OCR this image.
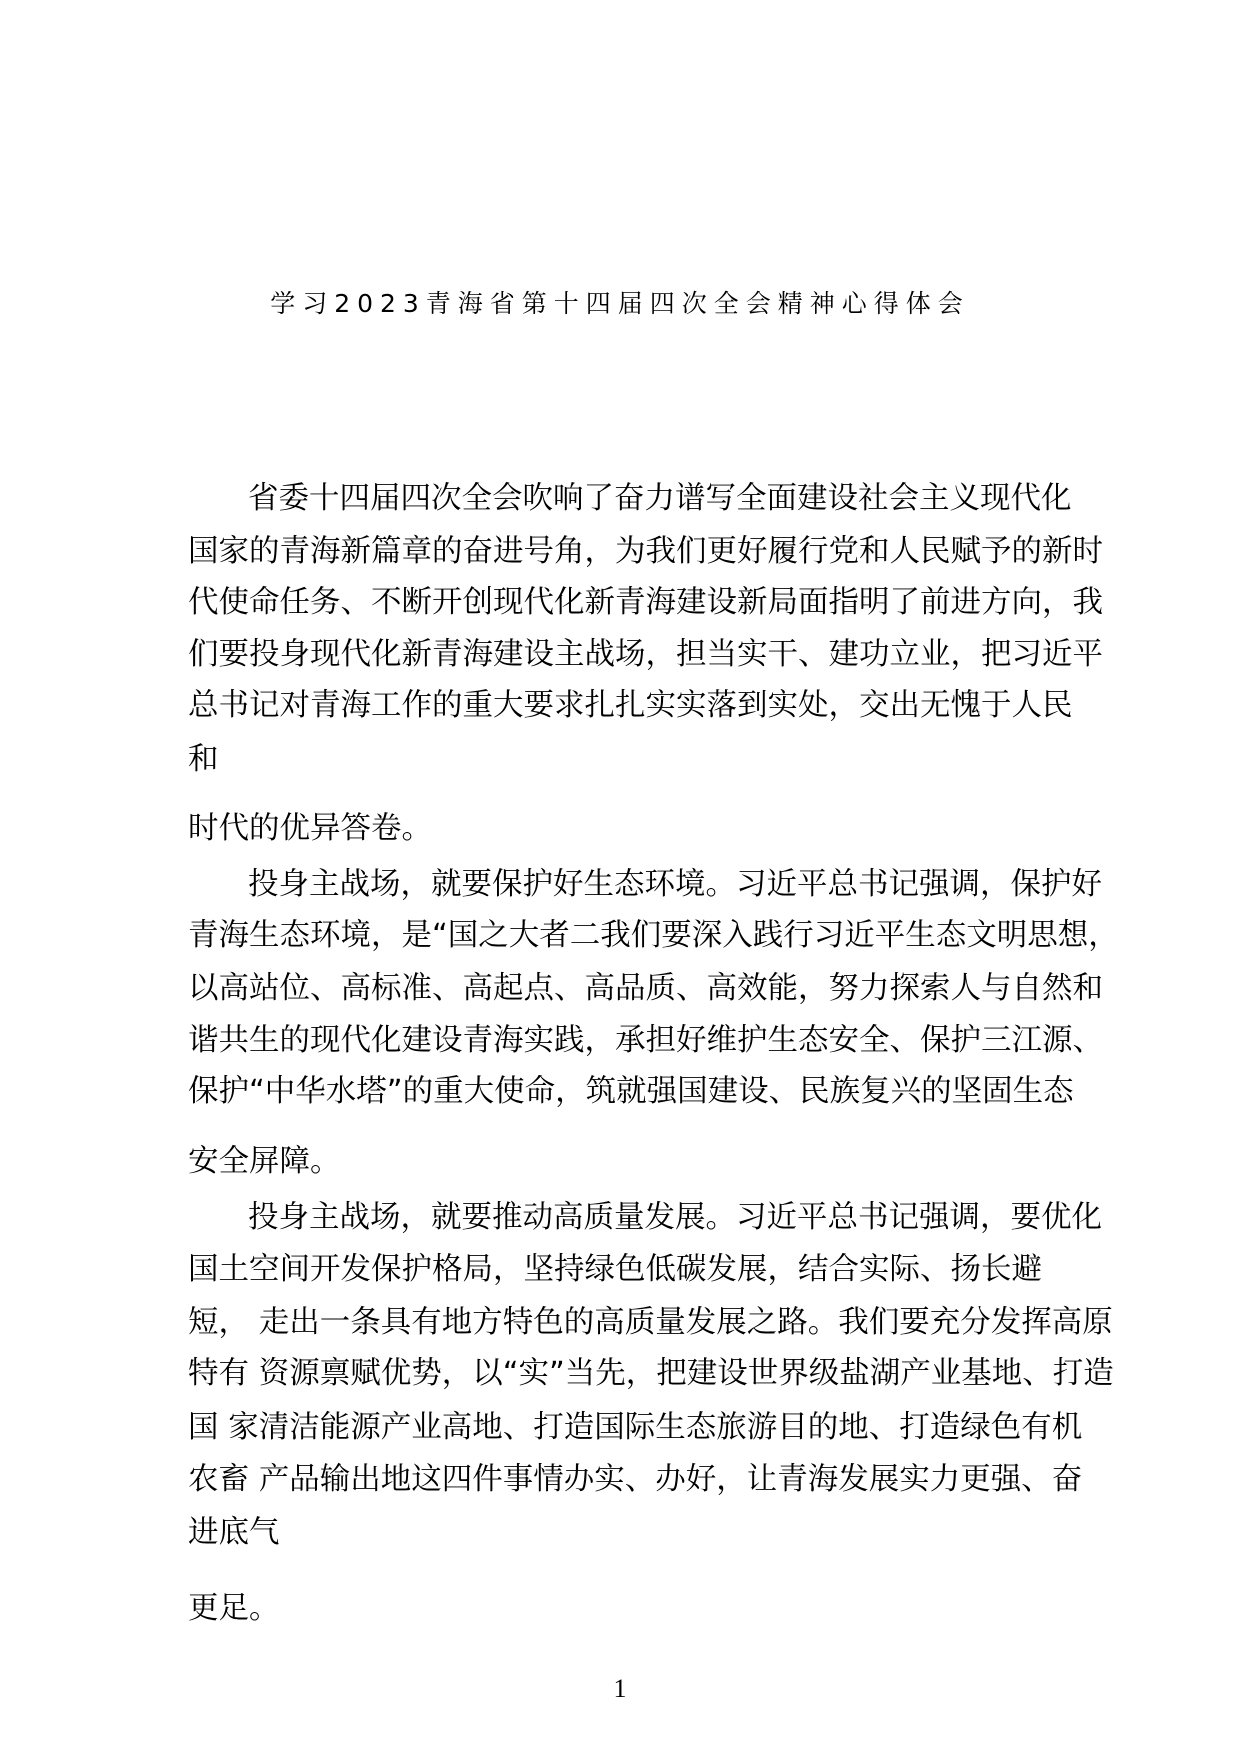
学习2023青海省第十四届四次全会精神心得体会
省委十四届四次全会吹响了奋力谱写全面建设社会主义现代化
国家的青海新篇章的奋进号角，为我们更好履行党和人民赋予的新时
代使命任务、不断开创现代化新青海建设新局面指明了前进方向，我
们要投身现代化新青海建设主战场，担当实干、建功立业，把习近平
总书记对青海工作的重大要求扎扎实实落到实处，交出无愧于人民
和
时代的优异答卷。
投身主战场，就要保护好生态环境。习近平总书记强调，保护好
青海生态环境，是“国之大者二我们要深入践行习近平生态文明思想，
以高站位、高标准、高起点、高品质、高效能，努力探索人与自然和
谐共生的现代化建设青海实践，承担好维护生态安全、保护三江源、
保护“中华水塔”的重大使命，筑就强国建设、民族复兴的坚固生态
安全屏障。
投身主战场，就要推动高质量发展。习近平总书记强调，要优化
国土空间开发保护格局，坚持绿色低碳发展，结合实际、扬长避
短， 走出一条具有地方特色的高质量发展之路。我们要充分发挥高原
特有 资源禀赋优势，以“实”当先，把建设世界级盐湖产业基地、打造
国 家清洁能源产业高地、打造国际生态旅游目的地、打造绿色有机
农畜 产品输出地这四件事情办实、办好，让青海发展实力更强、奋
进底气
更足。
1
